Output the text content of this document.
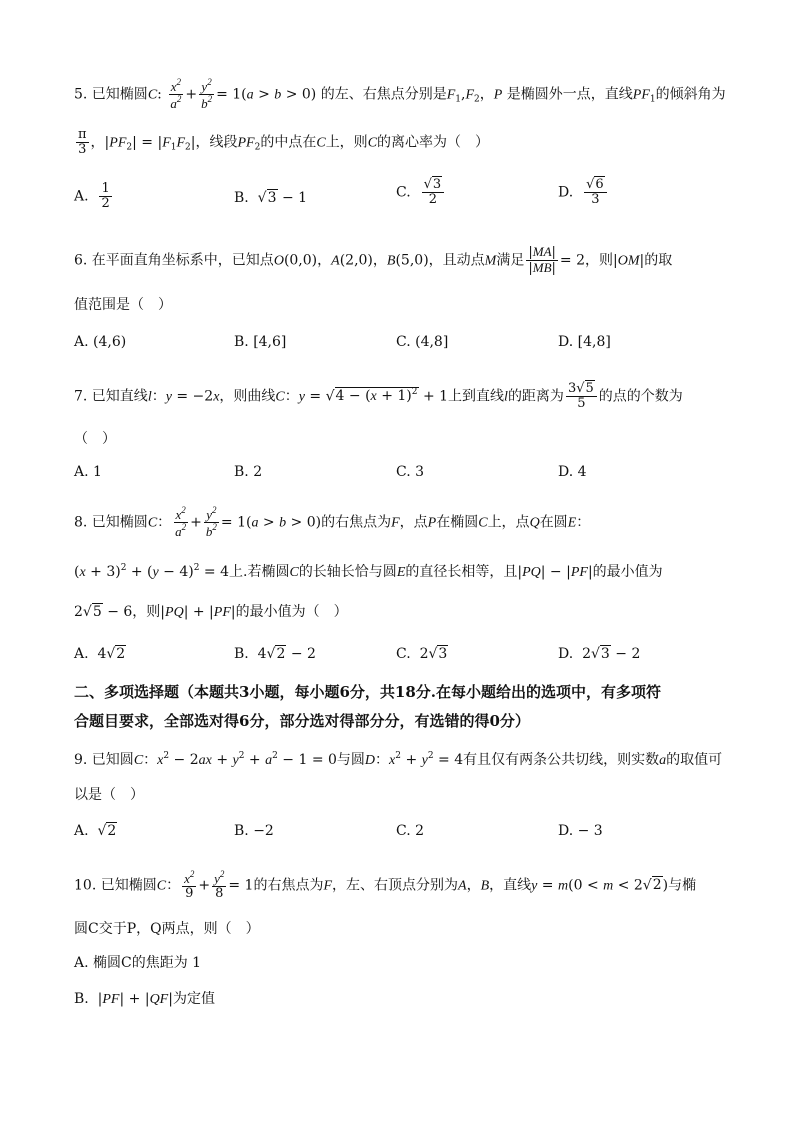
5. 已知椭圆C: $\frac{x^2}{a^2} + \frac{y^2}{b^2} = 1(a > b > 0)$ 的左、右焦点分别是$F_1,F_2$，P 是椭圆外一点，直线$PF_1$的倾斜角为
$\frac{\pi}{3}$ ，$|PF_2| = |F_1F_2|$，线段$PF_2$的中点在C上，则C的离心率为（　）
A. $\frac{1}{2}$	B.  √3 − 1	C. $\frac{√3}{2}$	D. $\frac{√6}{3}$
6. 在平面直角坐标系中，已知点O(0,0)，A(2,0)，B(5,0)，且动点M满足 $\frac{|MA|}{|MB|} = 2$，则|OM|的取
值范围是（　）
A. (4,6)	B. [4,6]	C. (4,8]	D. [4,8]
7. 已知直线l：y = −2x，则曲线C：$y = √4 - (x + 1)^2 + 1$上到直线l的距离为 $\frac{3√5}{5}$ 的点的个数为
（　）
A. 1	B. 2	C. 3	D. 4
8. 已知椭圆C： $\frac{x^2}{a^2} + \frac{y^2}{b^2} = 1(a > b > 0)$的右焦点为F，点P在椭圆C上，点Q在圆E：
$(x + 3)^2 + (y - 4)^2 = 4$上.若椭圆C的长轴长恰与圆E的直径长相等，且|PQ| − |PF|的最小值为
2√5 − 6，则|PQ| + |PF|的最小值为（　）
A.  4√2	B.  4√2 − 2	C.  2√3	D.  2√3 − 2
二、多项选择题（本题共3小题，每小题6分，共18分.在每小题给出的选项中，有多项符
合题目要求，全部选对得6分，部分选对得部分分，有选错的得0分）
9. 已知圆C：$x^2 - 2ax + y^2 + a^2 - 1 = 0$与圆D：$x^2 + y^2 = 4$有且仅有两条公共切线，则实数a的取值可
以是（　）
A.  √2	B. −2	C. 2	D. − 3
10. 已知椭圆C： $\frac{x^2}{9} + \frac{y^2}{8} = 1$的右焦点为F，左、右顶点分别为A，B，直线y = m(0 < m < 2√2)与椭
圆C交于P，Q两点，则（　）
A. 椭圆C的焦距为 1
B.  |PF| + |QF|为定值
